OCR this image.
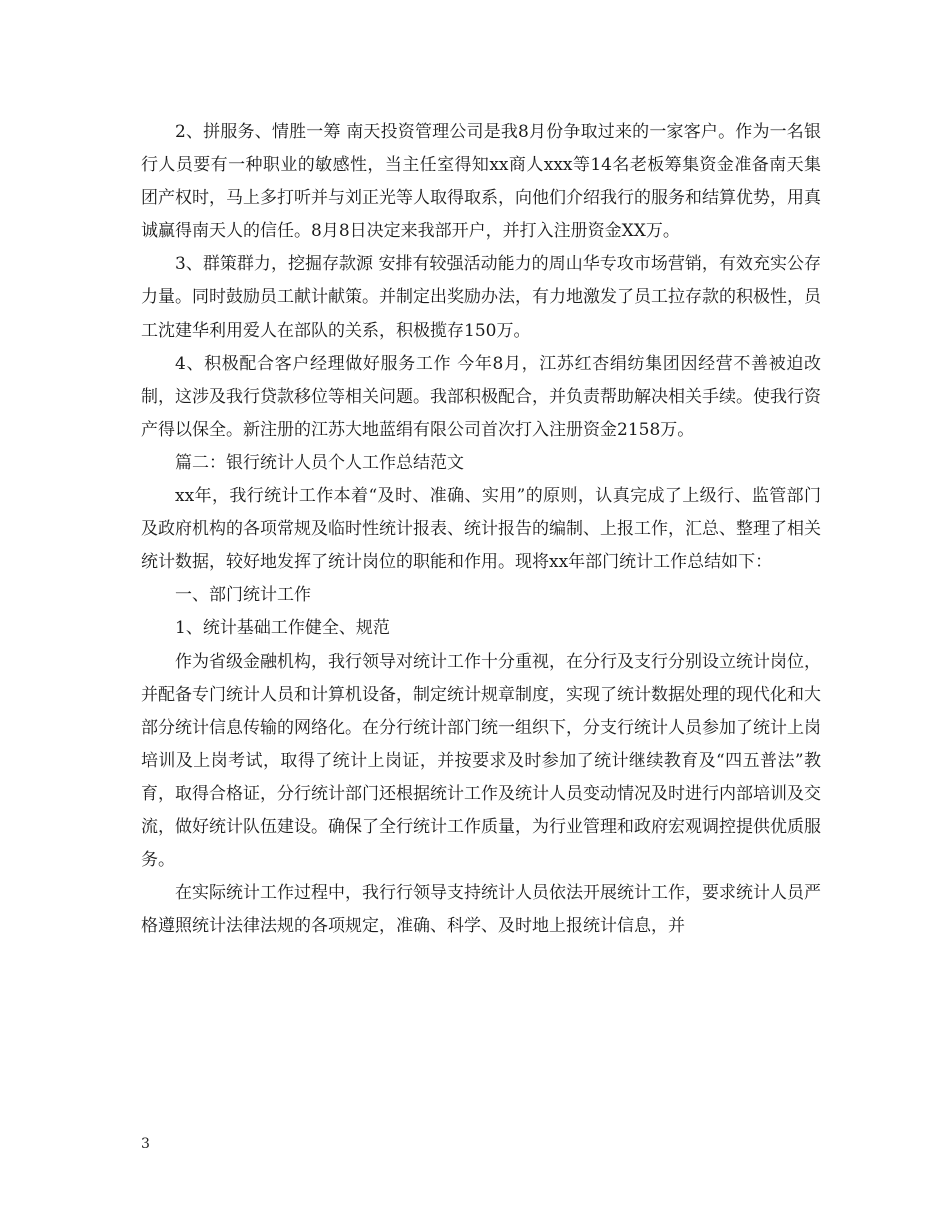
2、拼服务、情胜一筹 南天投资管理公司是我8月份争取过来的一家客户。作为一名银行人员要有一种职业的敏感性，当主任室得知xx商人xxx等14名老板筹集资金准备南天集团产权时，马上多打听并与刘正光等人取得取系，向他们介绍我行的服务和结算优势，用真诚赢得南天人的信任。8月8日决定来我部开户，并打入注册资金XX万。

3、群策群力，挖掘存款源 安排有较强活动能力的周山华专攻市场营销，有效充实公存力量。同时鼓励员工献计献策。并制定出奖励办法，有力地激发了员工拉存款的积极性，员工沈建华利用爱人在部队的关系，积极揽存150万。

4、积极配合客户经理做好服务工作 今年8月，江苏红杏绢纺集团因经营不善被迫改制，这涉及我行贷款移位等相关问题。我部积极配合，并负责帮助解决相关手续。使我行资产得以保全。新注册的江苏大地蓝绢有限公司首次打入注册资金2158万。

篇二：银行统计人员个人工作总结范文

xx年，我行统计工作本着“及时、准确、实用”的原则，认真完成了上级行、监管部门及政府机构的各项常规及临时性统计报表、统计报告的编制、上报工作，汇总、整理了相关统计数据，较好地发挥了统计岗位的职能和作用。现将xx年部门统计工作总结如下：

一、部门统计工作

1、统计基础工作健全、规范

作为省级金融机构，我行领导对统计工作十分重视，在分行及支行分别设立统计岗位，并配备专门统计人员和计算机设备，制定统计规章制度，实现了统计数据处理的现代化和大部分统计信息传输的网络化。在分行统计部门统一组织下，分支行统计人员参加了统计上岗培训及上岗考试，取得了统计上岗证，并按要求及时参加了统计继续教育及“四五普法”教育，取得合格证，分行统计部门还根据统计工作及统计人员变动情况及时进行内部培训及交流，做好统计队伍建设。确保了全行统计工作质量，为行业管理和政府宏观调控提供优质服务。

在实际统计工作过程中，我行行领导支持统计人员依法开展统计工作，要求统计人员严格遵照统计法律法规的各项规定，准确、科学、及时地上报统计信息，并

3
